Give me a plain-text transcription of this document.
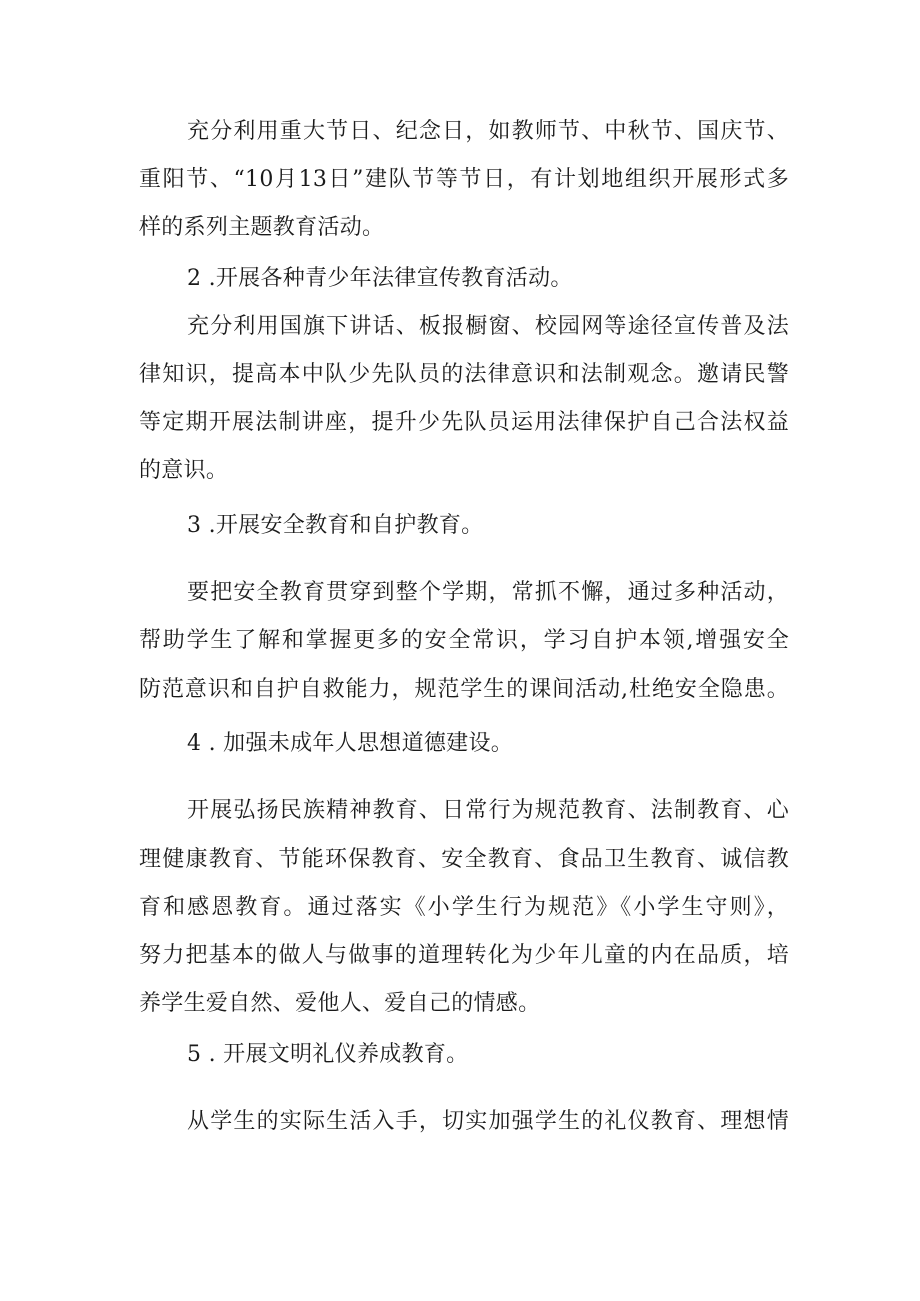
充分利用重大节日、纪念日，如教师节、中秋节、国庆节、
重阳节、“10月13日”建队节等节日，有计划地组织开展形式多
样的系列主题教育活动。
2 .开展各种青少年法律宣传教育活动。
充分利用国旗下讲话、板报橱窗、校园网等途径宣传普及法
律知识，提高本中队少先队员的法律意识和法制观念。邀请民警
等定期开展法制讲座，提升少先队员运用法律保护自己合法权益
的意识。
3 .开展安全教育和自护教育。
要把安全教育贯穿到整个学期，常抓不懈，通过多种活动，
帮助学生了解和掌握更多的安全常识，学习自护本领,增强安全
防范意识和自护自救能力，规范学生的课间活动,杜绝安全隐患。
4 . 加强未成年人思想道德建设。
开展弘扬民族精神教育、日常行为规范教育、法制教育、心
理健康教育、节能环保教育、安全教育、食品卫生教育、诚信教
育和感恩教育。通过落实《小学生行为规范》《小学生守则》，
努力把基本的做人与做事的道理转化为少年儿童的内在品质，培
养学生爱自然、爱他人、爱自己的情感。
5 . 开展文明礼仪养成教育。
从学生的实际生活入手，切实加强学生的礼仪教育、理想情
